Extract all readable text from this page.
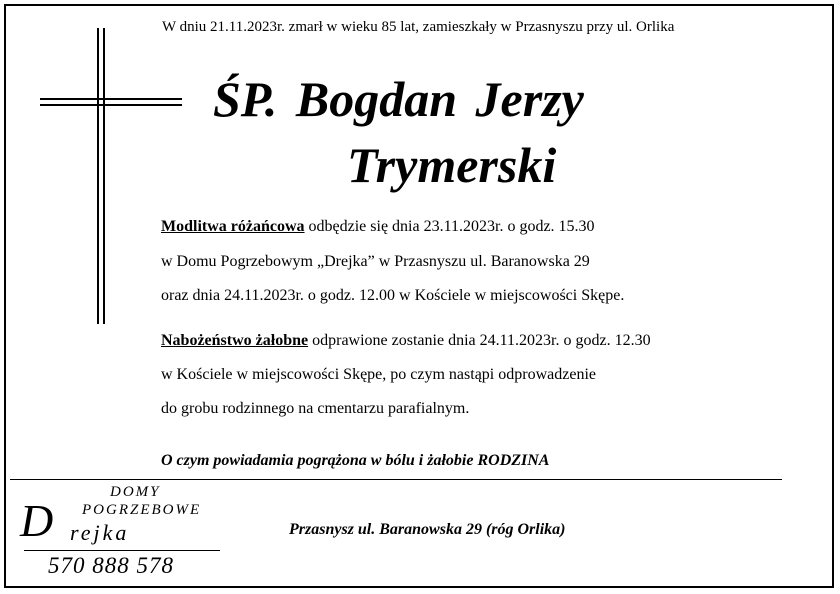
W dniu 21.11.2023r. zmarł w wieku 85 lat, zamieszkały w Przasnyszu przy ul. Orlika
ŚP. Bogdan Jerzy
Trymerski
Modlitwa różańcowa odbędzie się dnia 23.11.2023r. o godz. 15.30
w Domu Pogrzebowym „Drejka” w Przasnyszu ul. Baranowska 29
oraz dnia 24.11.2023r. o godz. 12.00 w Kościele w miejscowości Skępe.
Nabożeństwo żałobne odprawione zostanie dnia 24.11.2023r. o godz. 12.30
w Kościele w miejscowości Skępe, po czym nastąpi odprowadzenie
do grobu rodzinnego na cmentarzu parafialnym.
O czym powiadamia pogrążona w bólu i żałobie RODZINA
DOMY
POGRZEBOWE
D rejka
570 888 578
Przasnysz ul. Baranowska 29 (róg Orlika)
